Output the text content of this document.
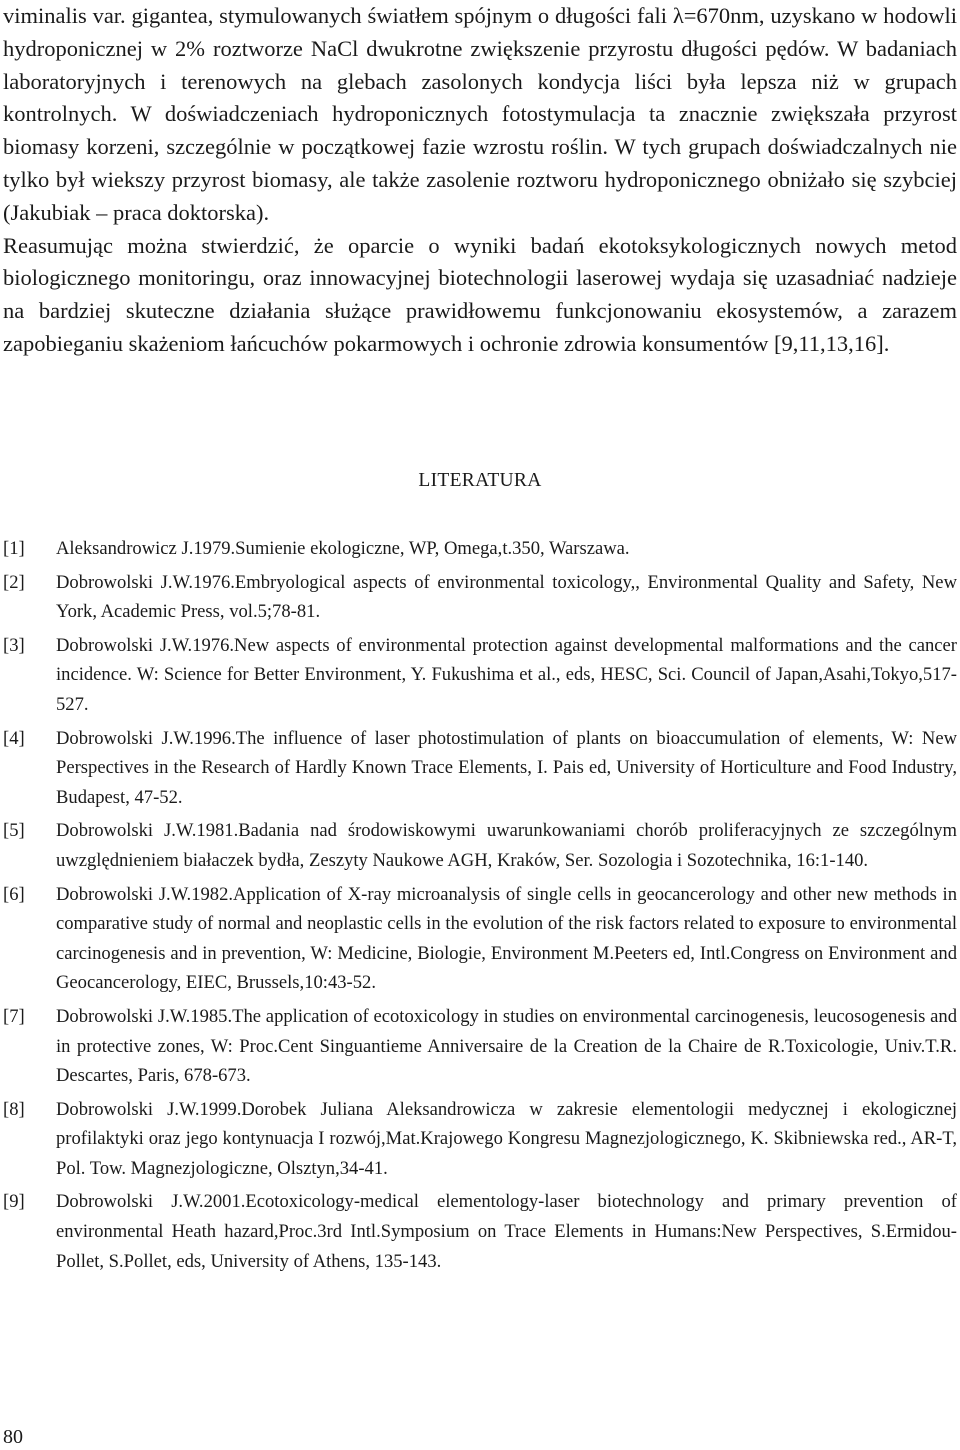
viminalis var. gigantea, stymulowanych światłem spójnym o długości fali λ=670nm, uzyskano w hodowli hydroponicznej w 2% roztworze NaCl dwukrotne zwiększenie przyrostu długości pędów. W badaniach laboratoryjnych i terenowych na glebach zasolonych kondycja liści była lepsza niż w grupach kontrolnych. W doświadczeniach hydroponicznych fotostymulacja ta znacznie zwiększała przyrost biomasy korzeni, szczególnie w początkowej fazie wzrostu roślin. W tych grupach doświadczalnych nie tylko był wiekszy przyrost biomasy, ale także zasolenie roztworu hydroponicznego obniżało się szybciej (Jakubiak – praca doktorska).

Reasumując można stwierdzić, że oparcie o wyniki badań ekotoksykologicznych nowych metod biologicznego monitoringu, oraz innowacyjnej biotechnologii laserowej wydaja się uzasadniać nadzieje na bardziej skuteczne działania służące prawidłowemu funkcjonowaniu ekosystemów, a zarazem zapobieganiu skażeniom łańcuchów pokarmowych i ochronie zdrowia konsumentów [9,11,13,16].

LITERATURA
[1] Aleksandrowicz J.1979.Sumienie ekologiczne, WP, Omega,t.350, Warszawa.
[2] Dobrowolski J.W.1976.Embryological aspects of environmental toxicology,, Environmental Quality and Safety, New York, Academic Press, vol.5;78-81.
[3] Dobrowolski J.W.1976.New aspects of environmental protection against developmental malformations and the cancer incidence. W: Science for Better Environment, Y. Fukushima et al., eds, HESC, Sci. Council of Japan,Asahi,Tokyo,517-527.
[4] Dobrowolski J.W.1996.The influence of laser photostimulation of plants on bioaccumulation of elements, W: New Perspectives in the Research of Hardly Known Trace Elements, I. Pais ed, University of Horticulture and Food Industry, Budapest, 47-52.
[5] Dobrowolski J.W.1981.Badania nad środowiskowymi uwarunkowaniami chorób proliferacyjnych ze szczególnym uwzględnieniem białaczek bydła, Zeszyty Naukowe AGH, Kraków, Ser. Sozologia i Sozotechnika, 16:1-140.
[6] Dobrowolski J.W.1982.Application of X-ray microanalysis of single cells in geocancerology and other new methods in comparative study of normal and neoplastic cells in the evolution of the risk factors related to exposure to environmental carcinogenesis and in prevention, W: Medicine, Biologie, Environment M.Peeters ed, Intl.Congress on Environment and Geocancerology, EIEC, Brussels,10:43-52.
[7] Dobrowolski J.W.1985.The application of ecotoxicology in studies on environmental carcinogenesis, leucosogenesis and in protective zones, W: Proc.Cent Singuantieme Anniversaire de la Creation de la Chaire de R.Toxicologie, Univ.T.R. Descartes, Paris, 678-673.
[8] Dobrowolski J.W.1999.Dorobek Juliana Aleksandrowicza w zakresie elementologii medycznej i ekologicznej profilaktyki oraz jego kontynuacja I rozwój,Mat.Krajowego Kongresu Magnezjologicznego, K. Skibniewska red., AR-T, Pol. Tow. Magnezjologiczne, Olsztyn,34-41.
[9] Dobrowolski J.W.2001.Ecotoxicology-medical elementology-laser biotechnology and primary prevention of environmental Heath hazard,Proc.3rd Intl.Symposium on Trace Elements in Humans:New Perspectives, S.Ermidou-Pollet, S.Pollet, eds, University of Athens, 135-143.
80
